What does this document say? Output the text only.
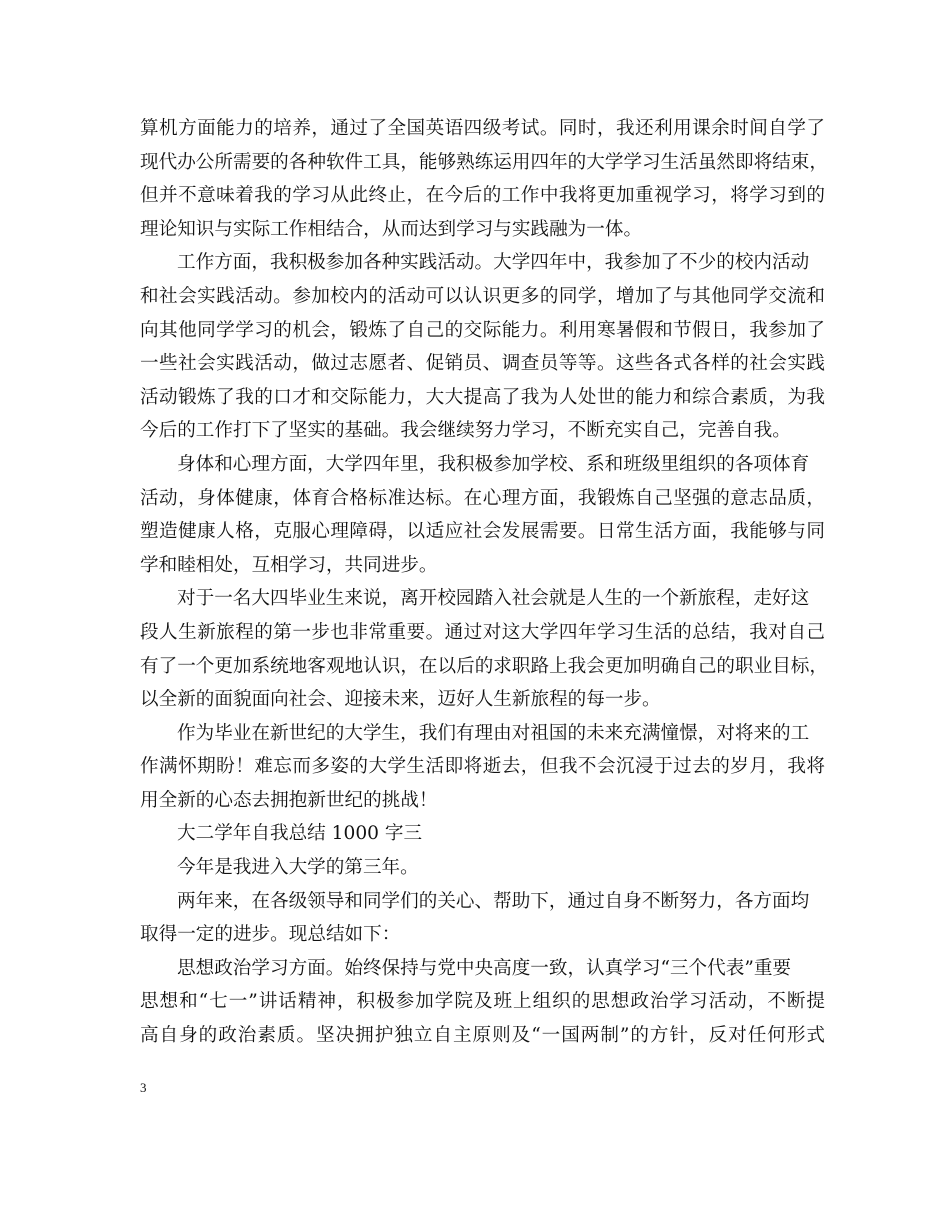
算机方面能力的培养，通过了全国英语四级考试。同时，我还利用课余时间自学了
现代办公所需要的各种软件工具，能够熟练运用四年的大学学习生活虽然即将结束，
但并不意味着我的学习从此终止，在今后的工作中我将更加重视学习，将学习到的
理论知识与实际工作相结合，从而达到学习与实践融为一体。
工作方面，我积极参加各种实践活动。大学四年中，我参加了不少的校内活动
和社会实践活动。参加校内的活动可以认识更多的同学，增加了与其他同学交流和
向其他同学学习的机会，锻炼了自己的交际能力。利用寒暑假和节假日，我参加了
一些社会实践活动，做过志愿者、促销员、调查员等等。这些各式各样的社会实践
活动锻炼了我的口才和交际能力，大大提高了我为人处世的能力和综合素质，为我
今后的工作打下了坚实的基础。我会继续努力学习，不断充实自己，完善自我。
身体和心理方面，大学四年里，我积极参加学校、系和班级里组织的各项体育
活动，身体健康，体育合格标准达标。在心理方面，我锻炼自己坚强的意志品质，
塑造健康人格，克服心理障碍，以适应社会发展需要。日常生活方面，我能够与同
学和睦相处，互相学习，共同进步。
对于一名大四毕业生来说，离开校园踏入社会就是人生的一个新旅程，走好这
段人生新旅程的第一步也非常重要。通过对这大学四年学习生活的总结，我对自己
有了一个更加系统地客观地认识，在以后的求职路上我会更加明确自己的职业目标，
以全新的面貌面向社会、迎接未来，迈好人生新旅程的每一步。
作为毕业在新世纪的大学生，我们有理由对祖国的未来充满憧憬，对将来的工
作满怀期盼！难忘而多姿的大学生活即将逝去，但我不会沉浸于过去的岁月，我将
用全新的心态去拥抱新世纪的挑战！
大二学年自我总结 1000 字三
今年是我进入大学的第三年。
两年来，在各级领导和同学们的关心、帮助下，通过自身不断努力，各方面均
取得一定的进步。现总结如下：
思想政治学习方面。始终保持与党中央高度一致，认真学习“三个代表”重要
思想和“七一”讲话精神，积极参加学院及班上组织的思想政治学习活动，不断提
高自身的政治素质。坚决拥护独立自主原则及“一国两制”的方针，反对任何形式
3
